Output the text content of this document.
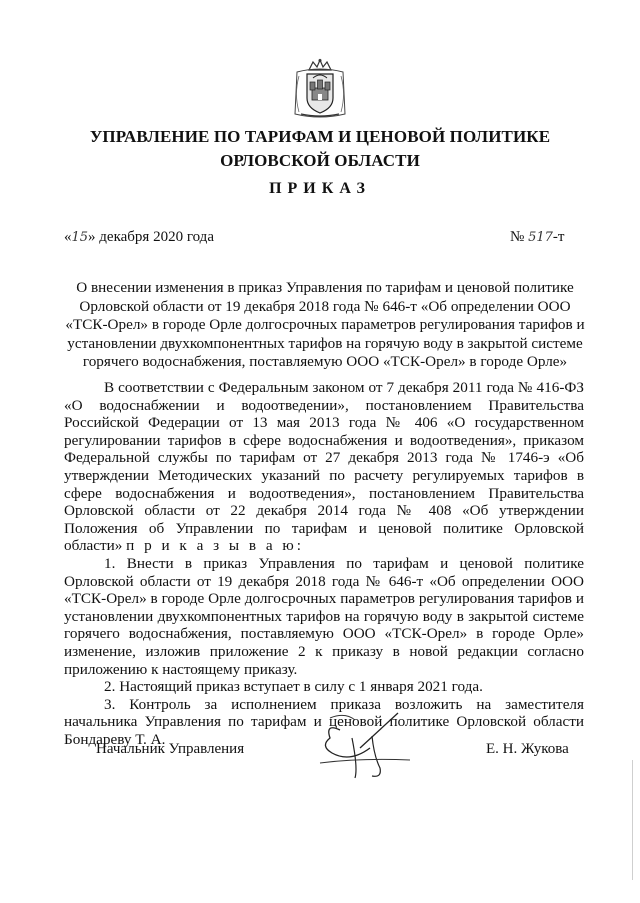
УПРАВЛЕНИЕ ПО ТАРИФАМ И ЦЕНОВОЙ ПОЛИТИКЕ
ОРЛОВСКОЙ ОБЛАСТИ
ПРИКАЗ
«15» декабря 2020 года	№ 517-т
О внесении изменения в приказ Управления по тарифам и ценовой политике Орловской области от 19 декабря 2018 года № 646-т «Об определении ООО «ТСК-Орел» в городе Орле долгосрочных параметров регулирования тарифов и установлении двухкомпонентных тарифов на горячую воду в закрытой системе горячего водоснабжения, поставляемую ООО «ТСК-Орел» в городе Орле»

В соответствии с Федеральным законом от 7 декабря 2011 года № 416-ФЗ «О водоснабжении и водоотведении», постановлением Правительства Российской Федерации от 13 мая 2013 года № 406 «О государственном регулировании тарифов в сфере водоснабжения и водоотведения», приказом Федеральной службы по тарифам от 27 декабря 2013 года № 1746-э «Об утверждении Методических указаний по расчету регулируемых тарифов в сфере водоснабжения и водоотведения», постановлением Правительства Орловской области от 22 декабря 2014 года № 408 «Об утверждении Положения об Управлении по тарифам и ценовой политике Орловской области» п р и к а з ы в а ю:

1. Внести в приказ Управления по тарифам и ценовой политике Орловской области от 19 декабря 2018 года № 646-т «Об определении ООО «ТСК-Орел» в городе Орле долгосрочных параметров регулирования тарифов и установлении двухкомпонентных тарифов на горячую воду в закрытой системе горячего водоснабжения, поставляемую ООО «ТСК-Орел» в городе Орле» изменение, изложив приложение 2 к приказу в новой редакции согласно приложению к настоящему приказу.

2. Настоящий приказ вступает в силу с 1 января 2021 года.

3. Контроль за исполнением приказа возложить на заместителя начальника Управления по тарифам и ценовой политике Орловской области Бондареву Т. А.

Начальник Управления	Е. Н. Жукова
